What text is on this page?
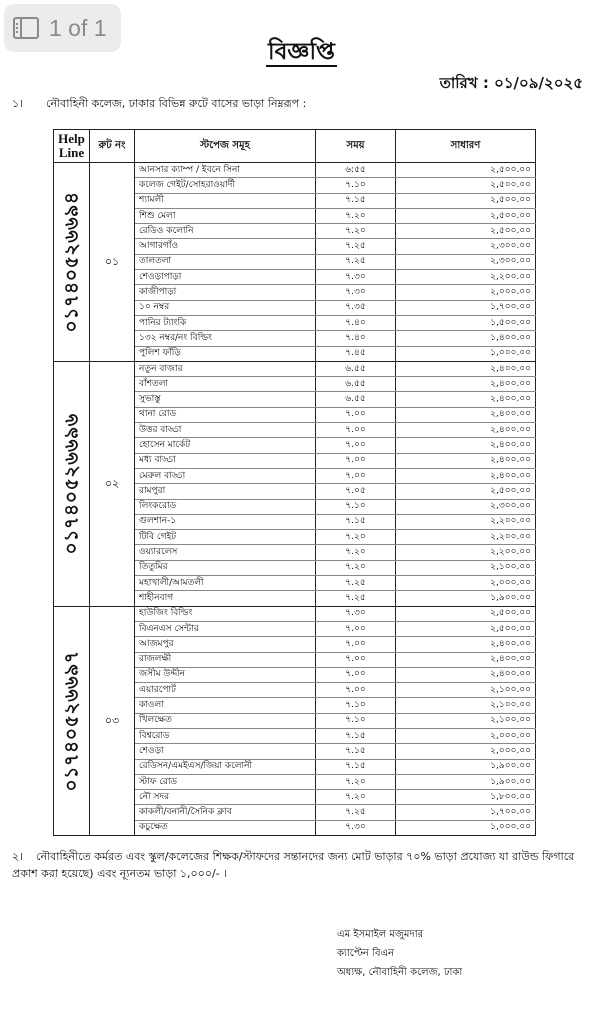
1 of 1
বিজ্ঞপ্তি
তারিখ : ০১/০৯/২০২৫
১। নৌবাহিনী কলেজ, ঢাকার বিভিন্ন রুটে বাসের ভাড়া নিম্নরূপ :
Help Line	রুট নং	স্টপেজ সমূহ	সময়	সাধারণ

০১৭৪০৫২৬৬৯৪	০১	আনসার ক্যাম্প / ইবনে সিনা	৬:৫৫	২,৫০০.০০
		কলেজ গেইট/সোহরাওয়ার্দী	৭.১০	২,৫০০.০০
		শ্যামলী	৭.১৫	২,৫০০.০০
		শিশু মেলা	৭.২০	২,৫০০.০০
		রেডিও কলোনি	৭.২০	২,৫০০.০০
		আগারগাঁও	৭.২৫	২,৩০০.০০
		তালতলা	৭.২৫	২,৩০০.০০
		শেওড়াপাড়া	৭.৩০	২,২০০.০০
		কাজীপাড়া	৭.৩০	২,০০০.০০
		১০ নম্বর	৭.৩৫	১,৭০০.০০
		পানির ট্যাংকি	৭.৪০	১,৫০০.০০
		১৩২ নম্বর/নং বিল্ডিং	৭.৪০	১,৪০০.০০
		পুলিশ ফাঁড়ি	৭.৪৫	১,০০০.০০

০১৭৪০৫২৬৬৯৬	০২	নতুন বাজার	৬.৫৫	২,৪০০.০০
		বাঁশতলা	৬.৫৫	২,৪০০.০০
		সুভাস্তু	৬.৫৫	২,৪০০.০০
		থানা রোড	৭.০০	২,৪০০.০০
		উত্তর বাড্ডা	৭.০০	২,৪০০.০০
		হোসেন মার্কেট	৭.০০	২,৪০০.০০
		মধ্য বাড্ডা	৭.০০	২,৪০০.০০
		মেরুল বাড্ডা	৭.০০	২,৪০০.০০
		রামপুরা	৭.০৫	২,৫০০.০০
		লিংকরোড	৭.১০	২,৩০০.০০
		গুলশান-১	৭.১৫	২,২০০.০০
		টিবি গেইট	৭.২০	২,২০০.০০
		ওয়্যারলেস	৭.২০	২,২০০.০০
		তিতুমির	৭.২০	২,১০০.০০
		মহাখালী/আমতলী	৭.২৫	২,০০০.০০
		শাহীনবাগ	৭.২৫	১,৯০০.০০

০১৭৪০৫২৬৬৯৭	০৩	হাউজিং বিল্ডিং	৭.৩০	২,৫০০.০০
		বিএনএস সেন্টার	৭.০০	২,৫০০.০০
		আজমপুর	৭.০০	২,৪০০.০০
		রাজলক্ষী	৭.০০	২,৪০০.০০
		জসীম উদ্দীন	৭.০০	২,৪০০.০০
		এয়ারপোর্ট	৭.০০	২,১০০.০০
		কাওলা	৭.১০	২,১০০.০০
		খিলক্ষেত	৭.১০	২,১০০.০০
		বিশ্বরোড	৭.১৫	২,০০০.০০
		শেওড়া	৭.১৫	২,০০০.০০
		রেডিসন/এমইএস/জিয়া কলোনী	৭.১৫	১,৯০০.০০
		স্টাফ রোড	৭.২০	১,৯০০.০০
		নৌ সদর	৭.২০	১,৮০০.০০
		কাকলী/বনানী/সৈনিক ক্লাব	৭.২৫	১,৭০০.০০
		কচুক্ষেত	৭.৩০	১,০০০.০০
২। নৌবাহিনীতে কর্মরত এবং স্কুল/কলেজের শিক্ষক/স্টাফদের সন্তানদের জন্য মোট ভাড়ার ৭০% ভাড়া প্রযোজ্য যা রাউন্ড ফিগারে প্রকাশ করা হয়েছে) এবং ন্যূনতম ভাড়া ১,০০০/- ।
এম ইসমাইল মজুমদার
ক্যাপ্টেন বিএন
অধ্যক্ষ, নৌবাহিনী কলেজ, ঢাকা
